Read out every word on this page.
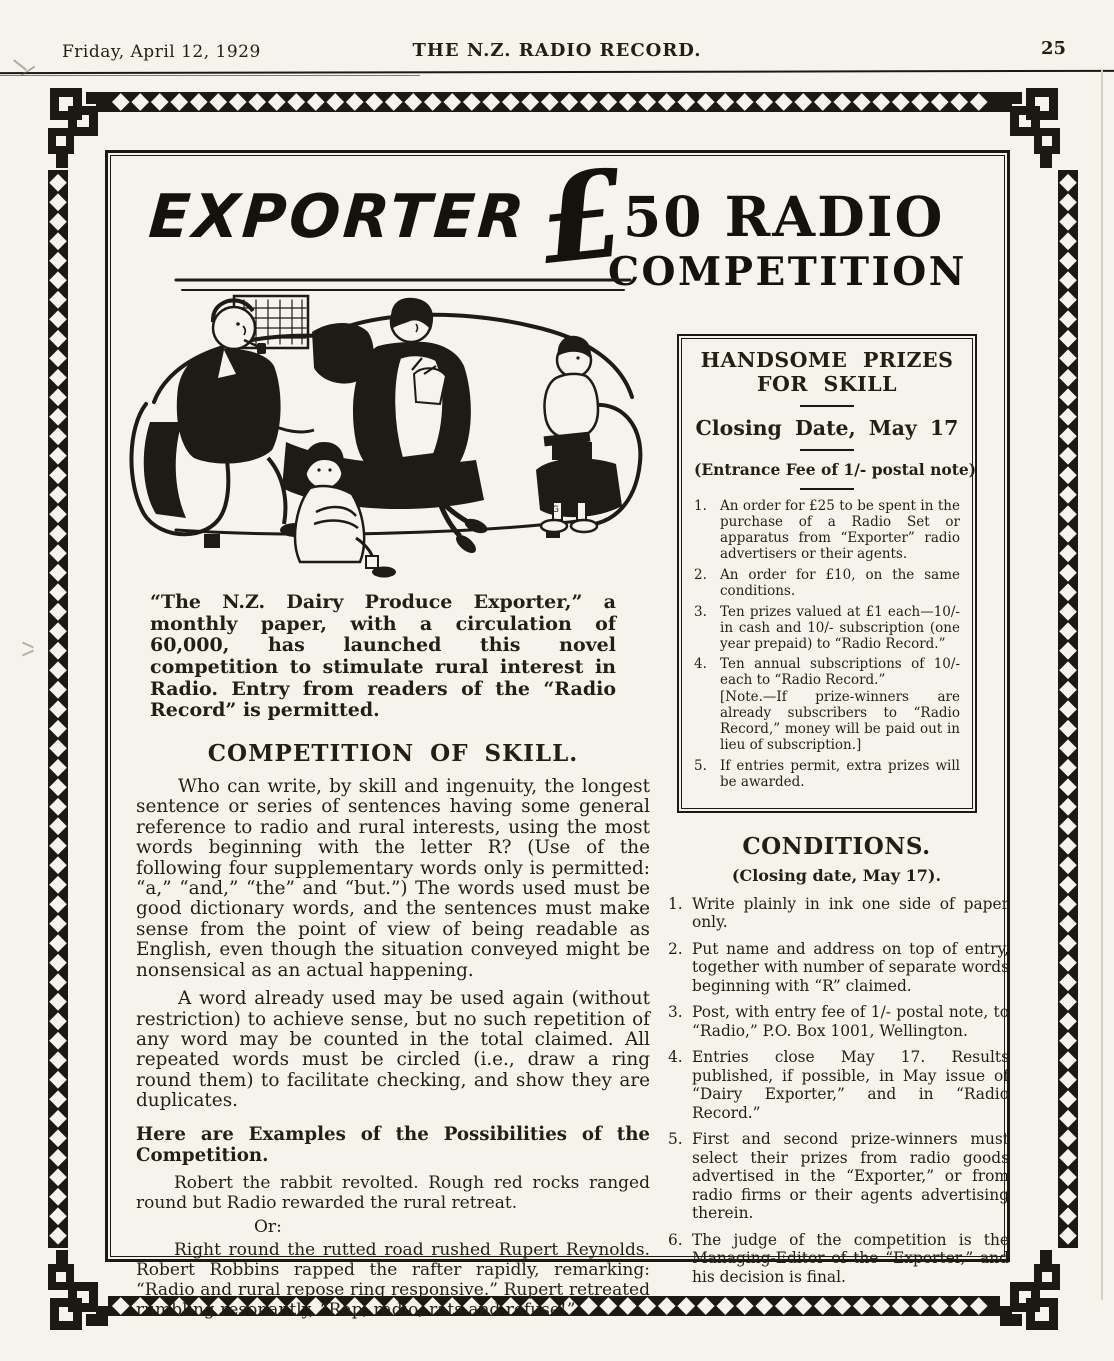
Friday, April 12, 1929	THE N.Z. RADIO RECORD.	25
EXPORTER £
50 RADIO
COMPETITION
GMR

“The N.Z. Dairy Produce Exporter,” a monthly paper, with a circulation of 60,000, has launched this novel competition to stimulate rural interest in Radio. Entry from readers of the “Radio Record” is permitted.

COMPETITION OF SKILL.

Who can write, by skill and ingenuity, the longest sentence or series of sentences having some general reference to radio and rural interests, using the most words beginning with the letter R? (Use of the following four supplementary words only is permitted: “a,” “and,” “the” and “but.”) The words used must be good dictionary words, and the sentences must make sense from the point of view of being readable as English, even though the situation conveyed might be nonsensical as an actual happening.

A word already used may be used again (without restriction) to achieve sense, but no such repetition of any word may be counted in the total claimed. All repeated words must be circled (i.e., draw a ring round them) to facilitate checking, and show they are duplicates.

Here are Examples of the Possibilities of the Competition.

Robert the rabbit revolted. Rough red rocks ranged round but Radio rewarded the rural retreat.

Or:

Right round the rutted road rushed Rupert Reynolds. Robert Robbins rapped the rafter rapidly, remarking: “Radio and rural repose ring responsive.” Rupert retreated rumbling resonantly, “Rap, radio, rats and refuse!”

HANDSOME PRIZES
FOR SKILL
Closing Date, May 17
(Entrance Fee of 1/- postal note)
1. An order for £25 to be spent in the purchase of a Radio Set or apparatus from “Exporter” radio advertisers or their agents.
2. An order for £10, on the same conditions.
3. Ten prizes valued at £1 each—10/- in cash and 10/- subscription (one year prepaid) to “Radio Record.”
4. Ten annual subscriptions of 10/- each to “Radio Record.”
[Note.—If prize-winners are already subscribers to “Radio Record,” money will be paid out in lieu of subscription.]
5. If entries permit, extra prizes will be awarded.
CONDITIONS.
(Closing date, May 17).
1. Write plainly in ink one side of paper only.
2. Put name and address on top of entry, together with number of separate words beginning with “R” claimed.
3. Post, with entry fee of 1/- postal note, to “Radio,” P.O. Box 1001, Wellington.
4. Entries close May 17. Results published, if possible, in May issue of “Dairy Exporter,” and in “Radio Record.”
5. First and second prize-winners must select their prizes from radio goods advertised in the “Exporter,” or from radio firms or their agents advertising therein.
6. The judge of the competition is the Managing-Editor of the “Exporter,” and his decision is final.
